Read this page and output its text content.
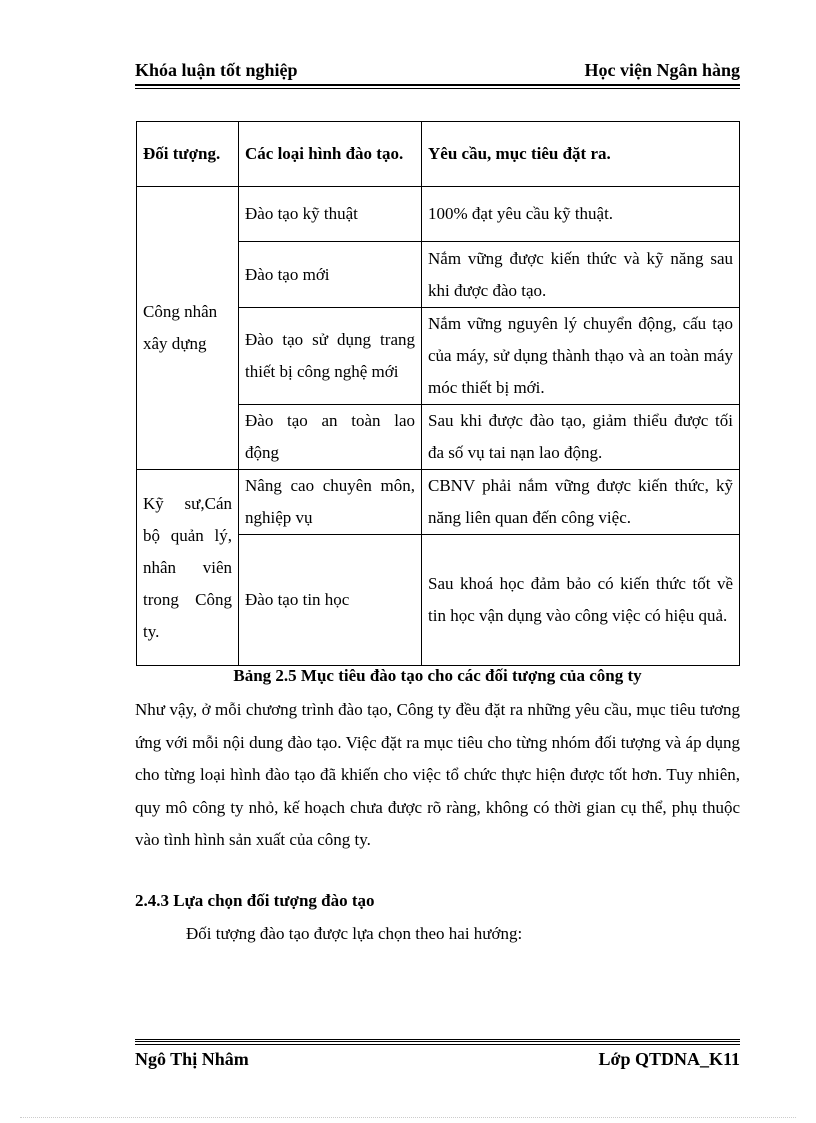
Khóa luận tốt nghiệp	Học viện Ngân hàng
Đối tượng.	Các loại hình đào tạo.	Yêu cầu, mục tiêu đặt ra.
Công nhân xây dựng	Đào tạo kỹ thuật	100% đạt yêu cầu kỹ thuật.
	Đào tạo mới	Nắm vững được kiến thức và kỹ năng sau khi được đào tạo.
	Đào tạo sử dụng trang thiết bị công nghệ mới	Nắm vững nguyên lý chuyển động, cấu tạo của máy, sử dụng thành thạo và an toàn máy móc thiết bị mới.
	Đào tạo an toàn lao động	Sau khi được đào tạo, giảm thiểu được tối đa số vụ tai nạn lao động.
Kỹ sư,Cán bộ quản lý, nhân viên trong Công ty.	Nâng cao chuyên môn, nghiệp vụ	CBNV phải nắm vững được kiến thức, kỹ năng liên quan đến công việc.
	Đào tạo tin học	Sau khoá học đảm bảo có kiến thức tốt về tin học vận dụng vào công việc có hiệu quả.
Bảng 2.5 Mục tiêu đào tạo cho các đối tượng của công ty

Như vậy, ở mỗi chương trình đào tạo, Công ty đều đặt ra những yêu cầu, mục tiêu tương ứng với mỗi nội dung đào tạo. Việc đặt ra mục tiêu cho từng nhóm đối tượng và áp dụng cho từng loại hình đào tạo đã khiến cho việc tổ chức thực hiện được tốt hơn. Tuy nhiên, quy mô công ty nhỏ, kế hoạch chưa được rõ ràng, không có thời gian cụ thể, phụ thuộc vào tình hình sản xuất của công ty.

2.4.3 Lựa chọn đối tượng đào tạo
Đối tượng đào tạo được lựa chọn theo hai hướng:
Ngô Thị Nhâm	Lớp QTDNA_K11
